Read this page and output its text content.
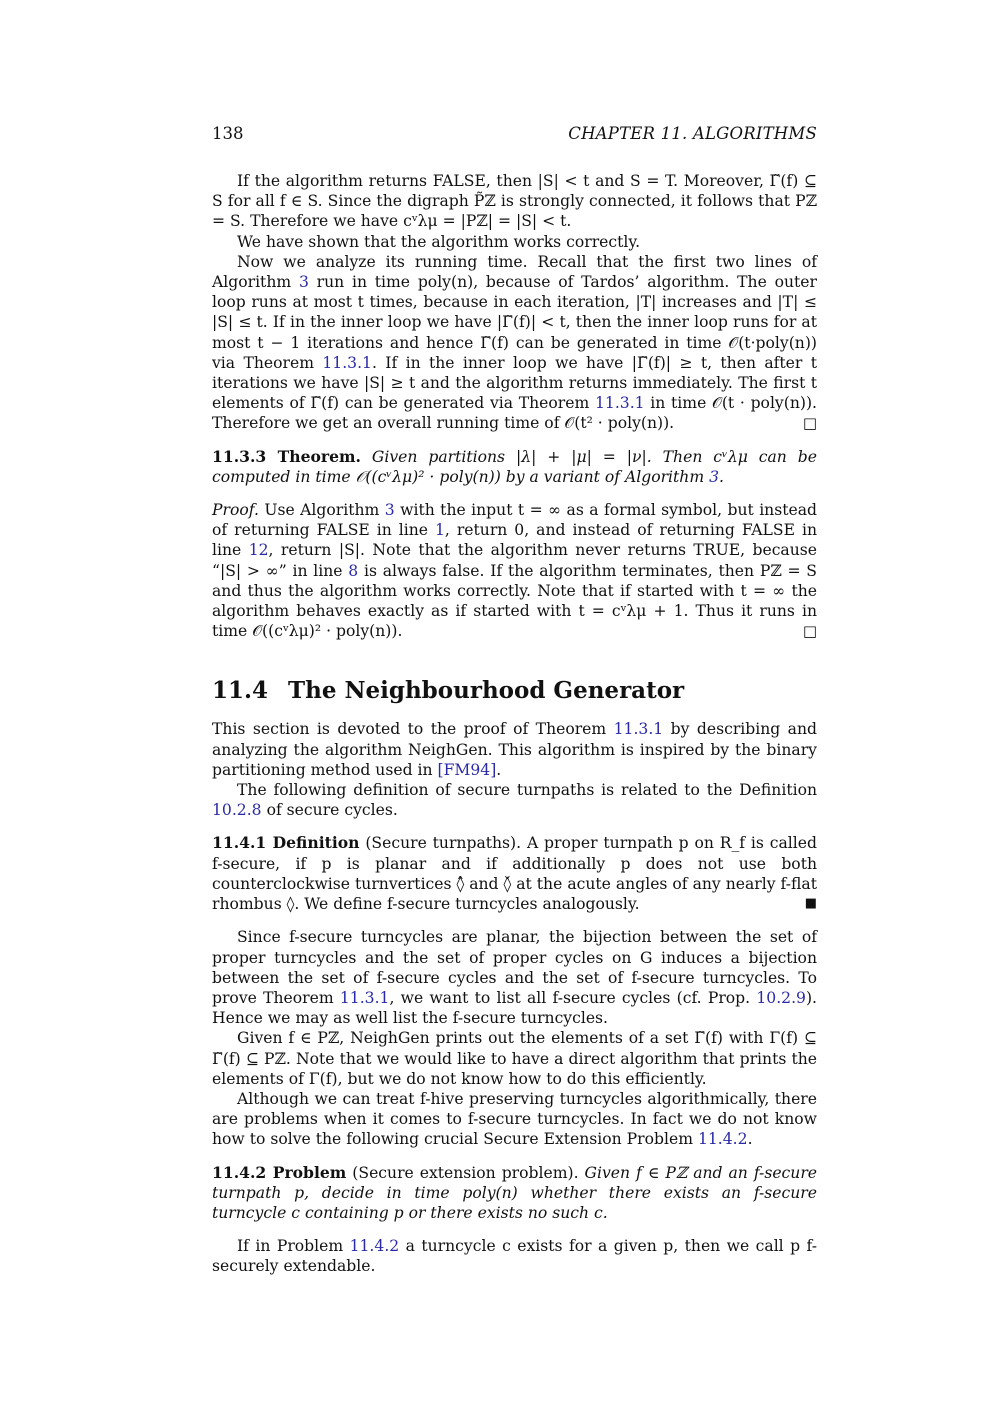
138	CHAPTER 11. ALGORITHMS

If the algorithm returns FALSE, then |S| < t and S = T. Moreover, Γ̃(f) ⊆ S for all f ∈ S. Since the digraph P̃ℤ is strongly connected, it follows that Pℤ = S. Therefore we have cᵛλμ = |Pℤ| = |S| < t.

We have shown that the algorithm works correctly.

Now we analyze its running time. Recall that the first two lines of Algorithm 3 run in time poly(n), because of Tardos’ algorithm. The outer loop runs at most t times, because in each iteration, |T| increases and |T| ≤ |S| ≤ t. If in the inner loop we have |Γ̃(f)| < t, then the inner loop runs for at most t − 1 iterations and hence Γ̃(f) can be generated in time 𝒪(t·poly(n)) via Theorem 11.3.1. If in the inner loop we have |Γ̃(f)| ≥ t, then after t iterations we have |S| ≥ t and the algorithm returns immediately. The first t elements of Γ̃(f) can be generated via Theorem 11.3.1 in time 𝒪(t · poly(n)). Therefore we get an overall running time of 𝒪(t² · poly(n)).	□

11.3.3 Theorem. Given partitions |λ| + |μ| = |ν|. Then cᵛλμ can be computed in time 𝒪((cᵛλμ)² · poly(n)) by a variant of Algorithm 3.

Proof. Use Algorithm 3 with the input t = ∞ as a formal symbol, but instead of returning FALSE in line 1, return 0, and instead of returning FALSE in line 12, return |S|. Note that the algorithm never returns TRUE, because “|S| > ∞” in line 8 is always false. If the algorithm terminates, then Pℤ = S and thus the algorithm works correctly. Note that if started with t = ∞ the algorithm behaves exactly as if started with t = cᵛλμ + 1. Thus it runs in time 𝒪((cᵛλμ)² · poly(n)).	□

11.4 The Neighbourhood Generator

This section is devoted to the proof of Theorem 11.3.1 by describing and analyzing the algorithm NeighGen. This algorithm is inspired by the binary partitioning method used in [FM94].

The following definition of secure turnpaths is related to the Definition 10.2.8 of secure cycles.

11.4.1 Definition (Secure turnpaths). A proper turnpath p on R_f is called f-secure, if p is planar and if additionally p does not use both counterclockwise turnvertices ◊̂ and ◊̌ at the acute angles of any nearly f-flat rhombus ◊. We define f-secure turncycles analogously.	■

Since f-secure turncycles are planar, the bijection between the set of proper turncycles and the set of proper cycles on G induces a bijection between the set of f-secure cycles and the set of f-secure turncycles. To prove Theorem 11.3.1, we want to list all f-secure cycles (cf. Prop. 10.2.9). Hence we may as well list the f-secure turncycles.

Given f ∈ Pℤ, NeighGen prints out the elements of a set Γ̃(f) with Γ(f) ⊆ Γ̃(f) ⊆ Pℤ. Note that we would like to have a direct algorithm that prints the elements of Γ(f), but we do not know how to do this efficiently.

Although we can treat f-hive preserving turncycles algorithmically, there are problems when it comes to f-secure turncycles. In fact we do not know how to solve the following crucial Secure Extension Problem 11.4.2.

11.4.2 Problem (Secure extension problem). Given f ∈ Pℤ and an f-secure turnpath p, decide in time poly(n) whether there exists an f-secure turncycle c containing p or there exists no such c.

If in Problem 11.4.2 a turncycle c exists for a given p, then we call p f-securely extendable.
